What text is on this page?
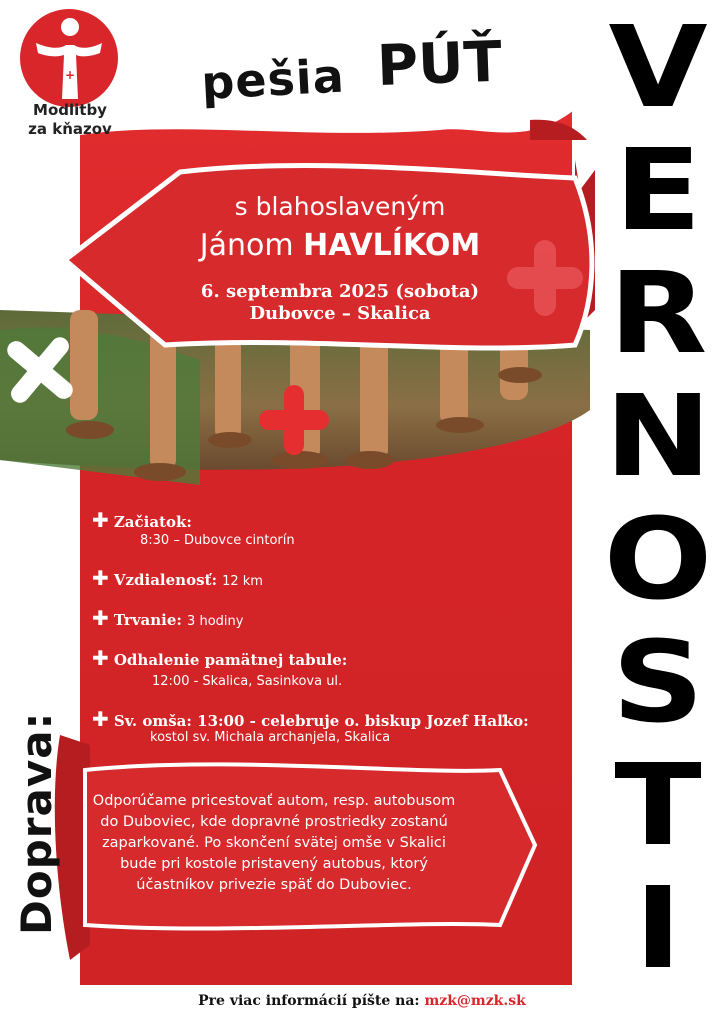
+	+
+
Modlitby
za kňazov
pešia PÚŤ
s blahoslaveným
Jánom HAVLÍKOM
6. septembra 2025 (sobota)
Dubovce – Skalica
✚ Začiatok:
8:30 – Dubovce cintorín
✚ Vzdialenosť: 12 km
✚ Trvanie: 3 hodiny
✚ Odhalenie pamätnej tabule:
12:00 - Skalica, Sasinkova ul.
✚ Sv. omša: 13:00 - celebruje o. biskup Jozef Haľko:
kostol sv. Michala archanjela, Skalica
Doprava:	Odporúčame pricestovať autom, resp. autobusom do Duboviec, kde dopravné prostriedky zostanú zaparkované. Po skončení svätej omše v Skalici bude pri kostole pristavený autobus, ktorý účastníkov privezie späť do Duboviec.
V
E
R
N
O
S
T
I
Pre viac informácií píšte na: mzk@mzk.sk
